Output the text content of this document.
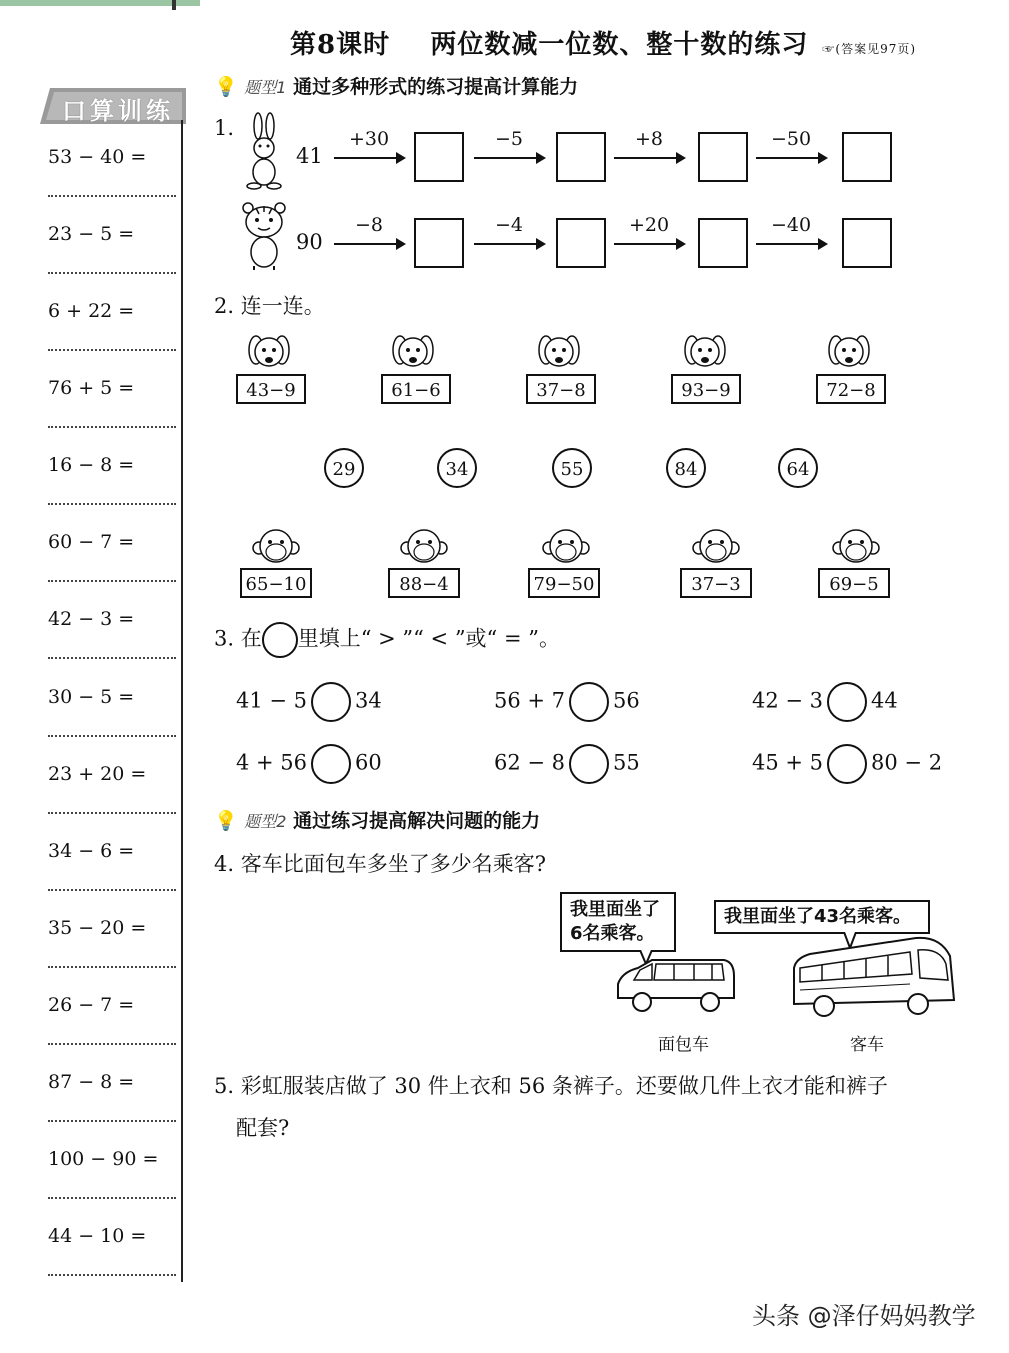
第8课时 两位数减一位数、整十数的练习 ☞(答案见97页)
口算训练
53 − 40 =
23 − 5 =
6 + 22 =
76 + 5 =
16 − 8 =
60 − 7 =
42 − 3 =
30 − 5 =
23 + 20 =
34 − 6 =
35 − 20 =
26 − 7 =
87 − 8 =
100 − 90 =
44 − 10 =
💡 题型1 通过多种形式的练习提高计算能力
1.
41
+30	−5	+8	−50
90
−8	−4	+20	−40
2. 连一连。
43−9	61−6	37−8	93−9	72−8
29	34	55	84	64
65−10	88−4	79−50	37−3	69−5
3. 在 里填上“ > ”“ < ”或“ = ”。
41 − 5 34	56 + 7 56	42 − 3 44
4 + 56 60	62 − 8 55	45 + 5 80 − 2
💡 题型2 通过练习提高解决问题的能力
4. 客车比面包车多坐了多少名乘客?
我里面坐了
6名乘客。
我里面坐了43名乘客。
面包车	客车
5. 彩虹服装店做了 30 件上衣和 56 条裤子。还要做几件上衣才能和裤子
配套?
头条 @泽仔妈妈教学
